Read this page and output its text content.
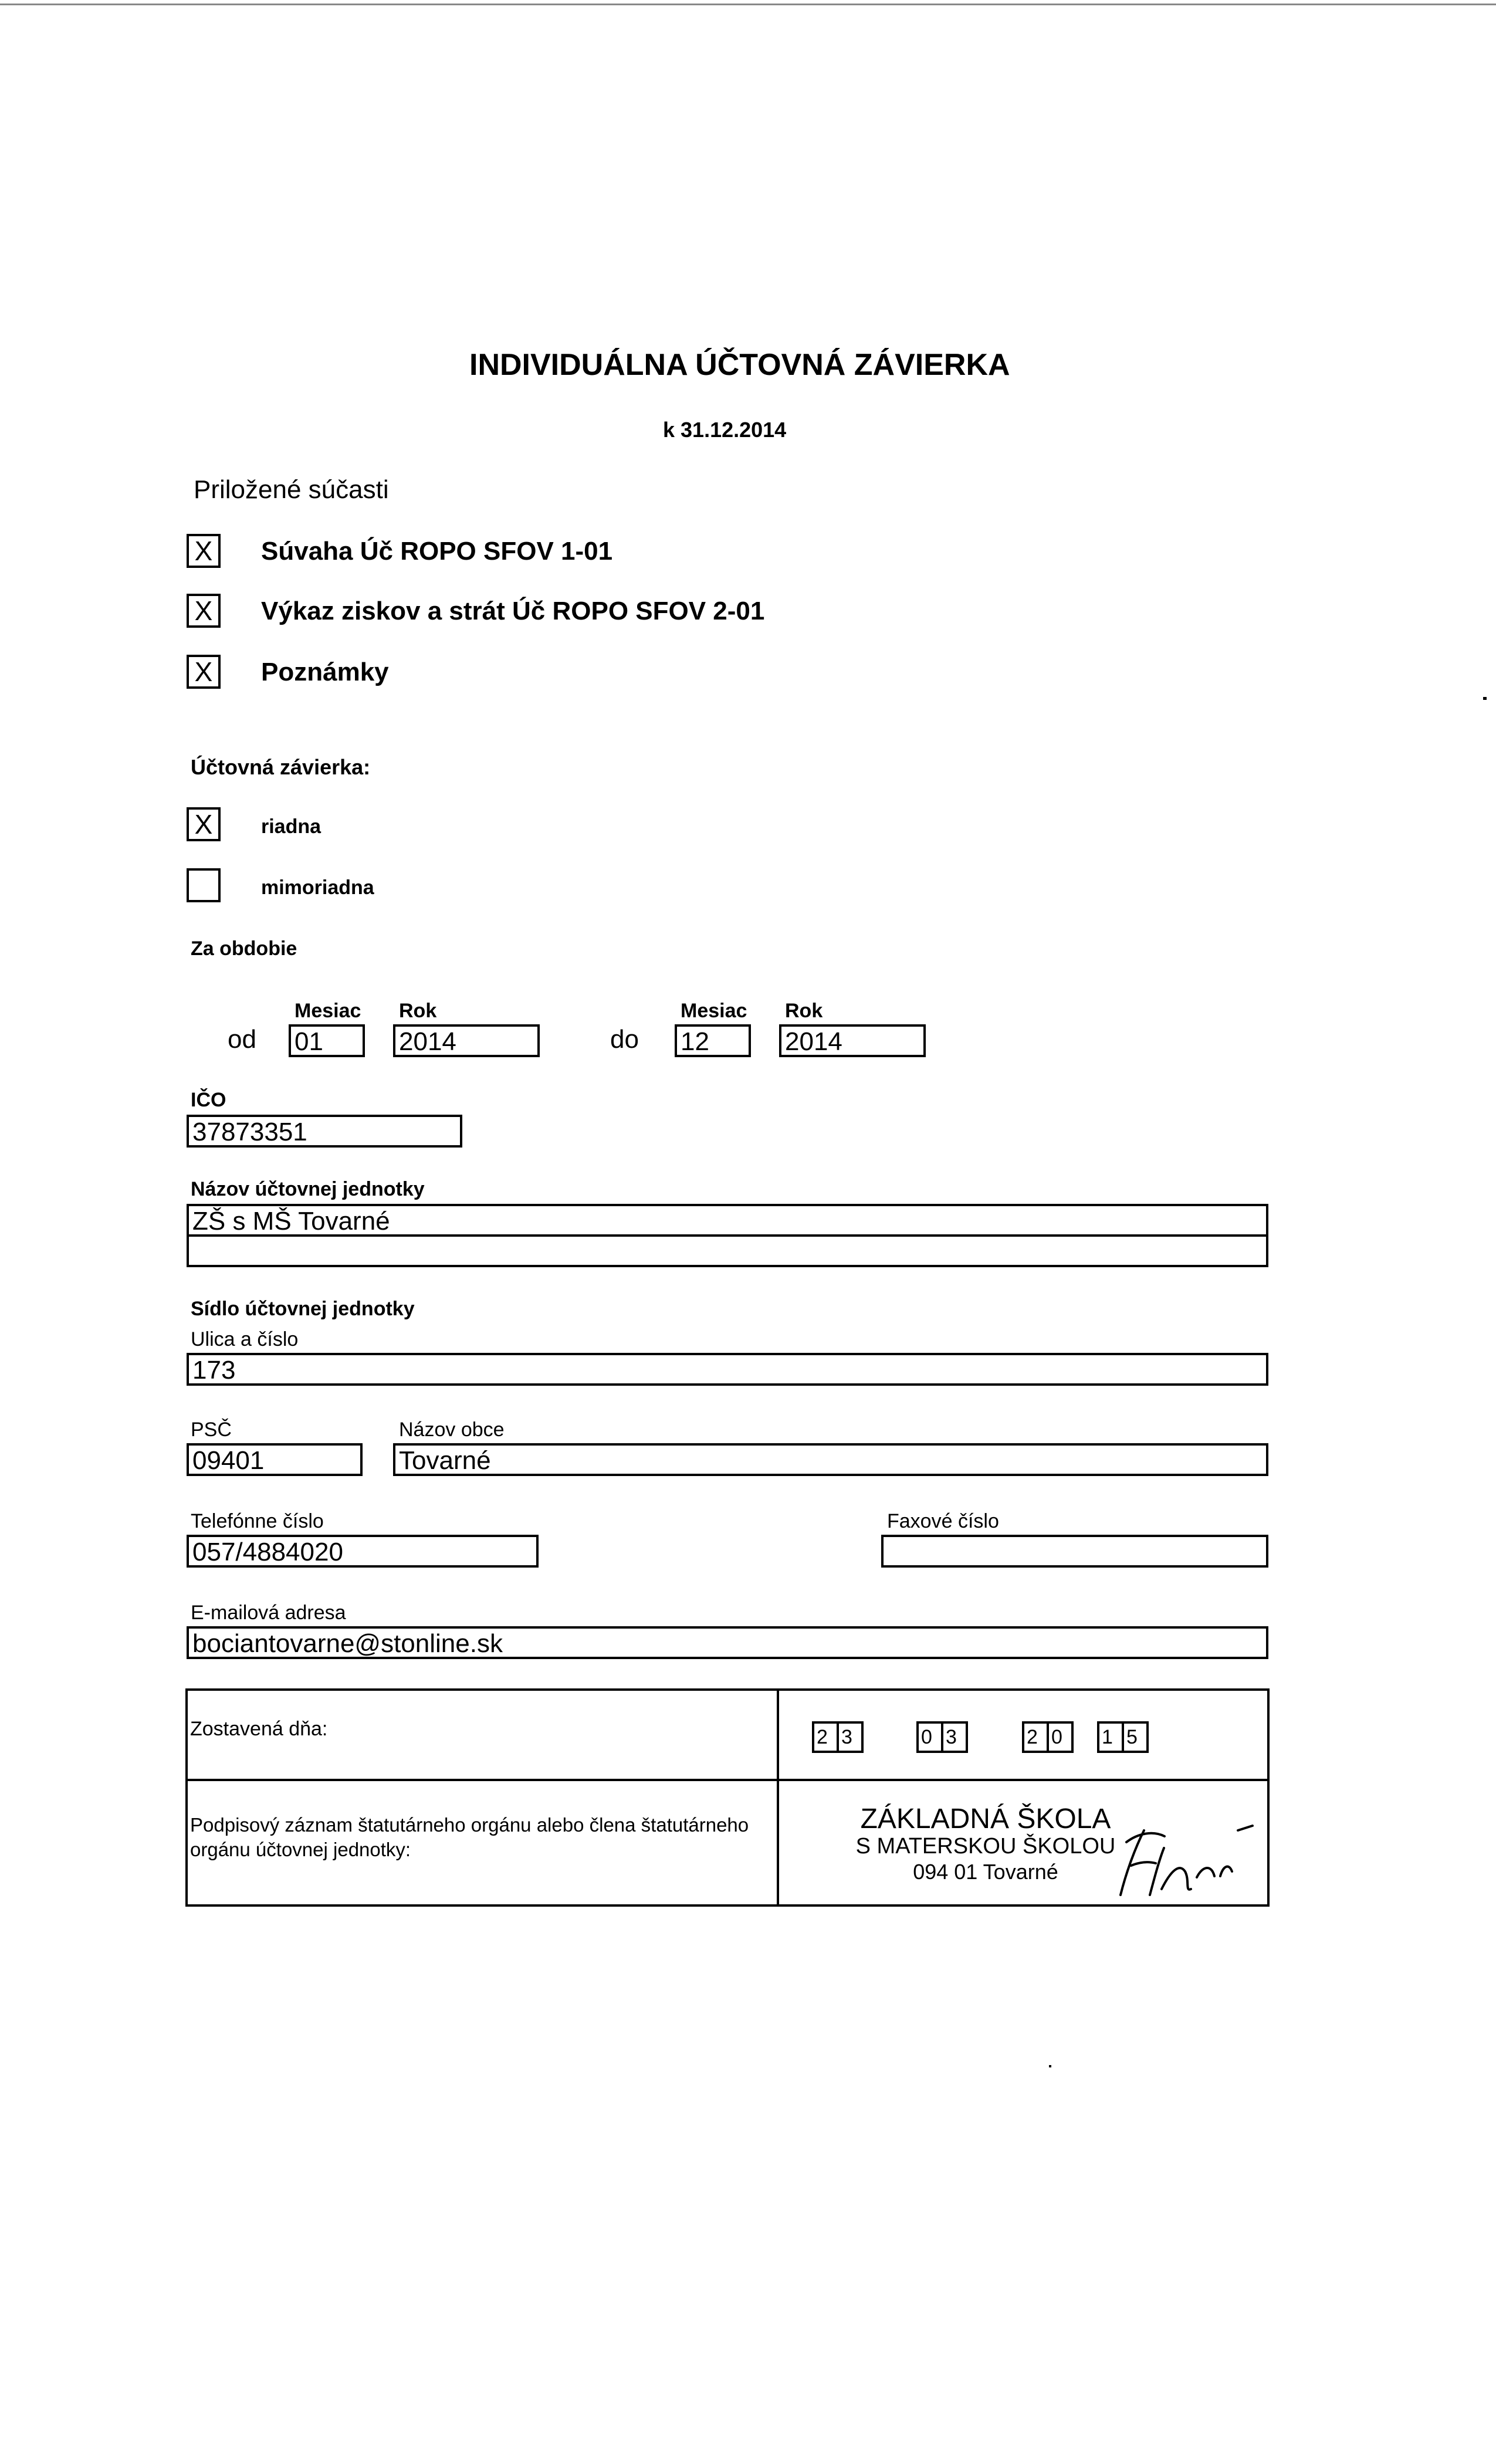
INDIVIDUÁLNA ÚČTOVNÁ ZÁVIERKA
k 31.12.2014
Priložené súčasti
X	Súvaha Úč ROPO SFOV 1-01
X	Výkaz ziskov a strát Úč ROPO SFOV 2-01
X	Poznámky
Účtovná závierka:
X	riadna
mimoriadna
Za obdobie
Mesiac Rok
od 01	2014
Mesiac Rok
do 12	2014
IČO
37873351
Názov účtovnej jednotky
ZŠ s MŠ Tovarné
Sídlo účtovnej jednotky
Ulica a číslo
173
PSČ
09401
Názov obce
Tovarné
Telefónne číslo
057/4884020
Faxové číslo
E-mailová adresa
bociantovarne@stonline.sk
Zostavená dňa:	2 3	0 3	2 0	1 5
Podpisový záznam štatutárneho orgánu alebo člena štatutárneho
orgánu účtovnej jednotky:
ZÁKLADNÁ ŠKOLA
S MATERSKOU ŠKOLOU
094 01 Tovarné
